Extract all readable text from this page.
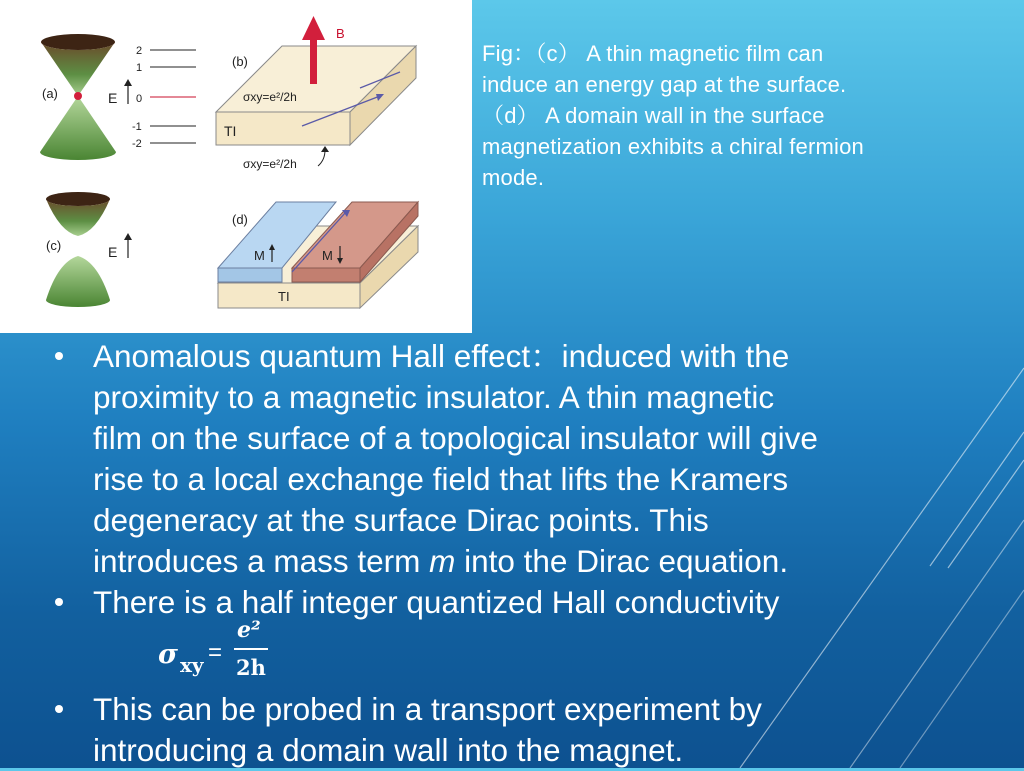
(a)	E
2
1
0
-1
-2
(b)
B
σxy=e²/2h
TI
σxy=e²/2h
(c)	E
(d)
M	M
TI
Fig：（c） A thin magnetic film can
induce an energy gap at the surface.
（d） A domain wall in the surface
magnetization exhibits a chiral fermion
mode.
Anomalous quantum Hall effect：induced with the
proximity to a magnetic insulator. A thin magnetic
film on the surface of a topological insulator will give
rise to a local exchange field that lifts the Kramers
degeneracy at the surface Dirac points. This
introduces a mass term m into the Dirac equation.
There is a half integer quantized Hall conductivity
σ xy =
e²
2h
This can be probed in a transport experiment by
introducing a domain wall into the magnet.
